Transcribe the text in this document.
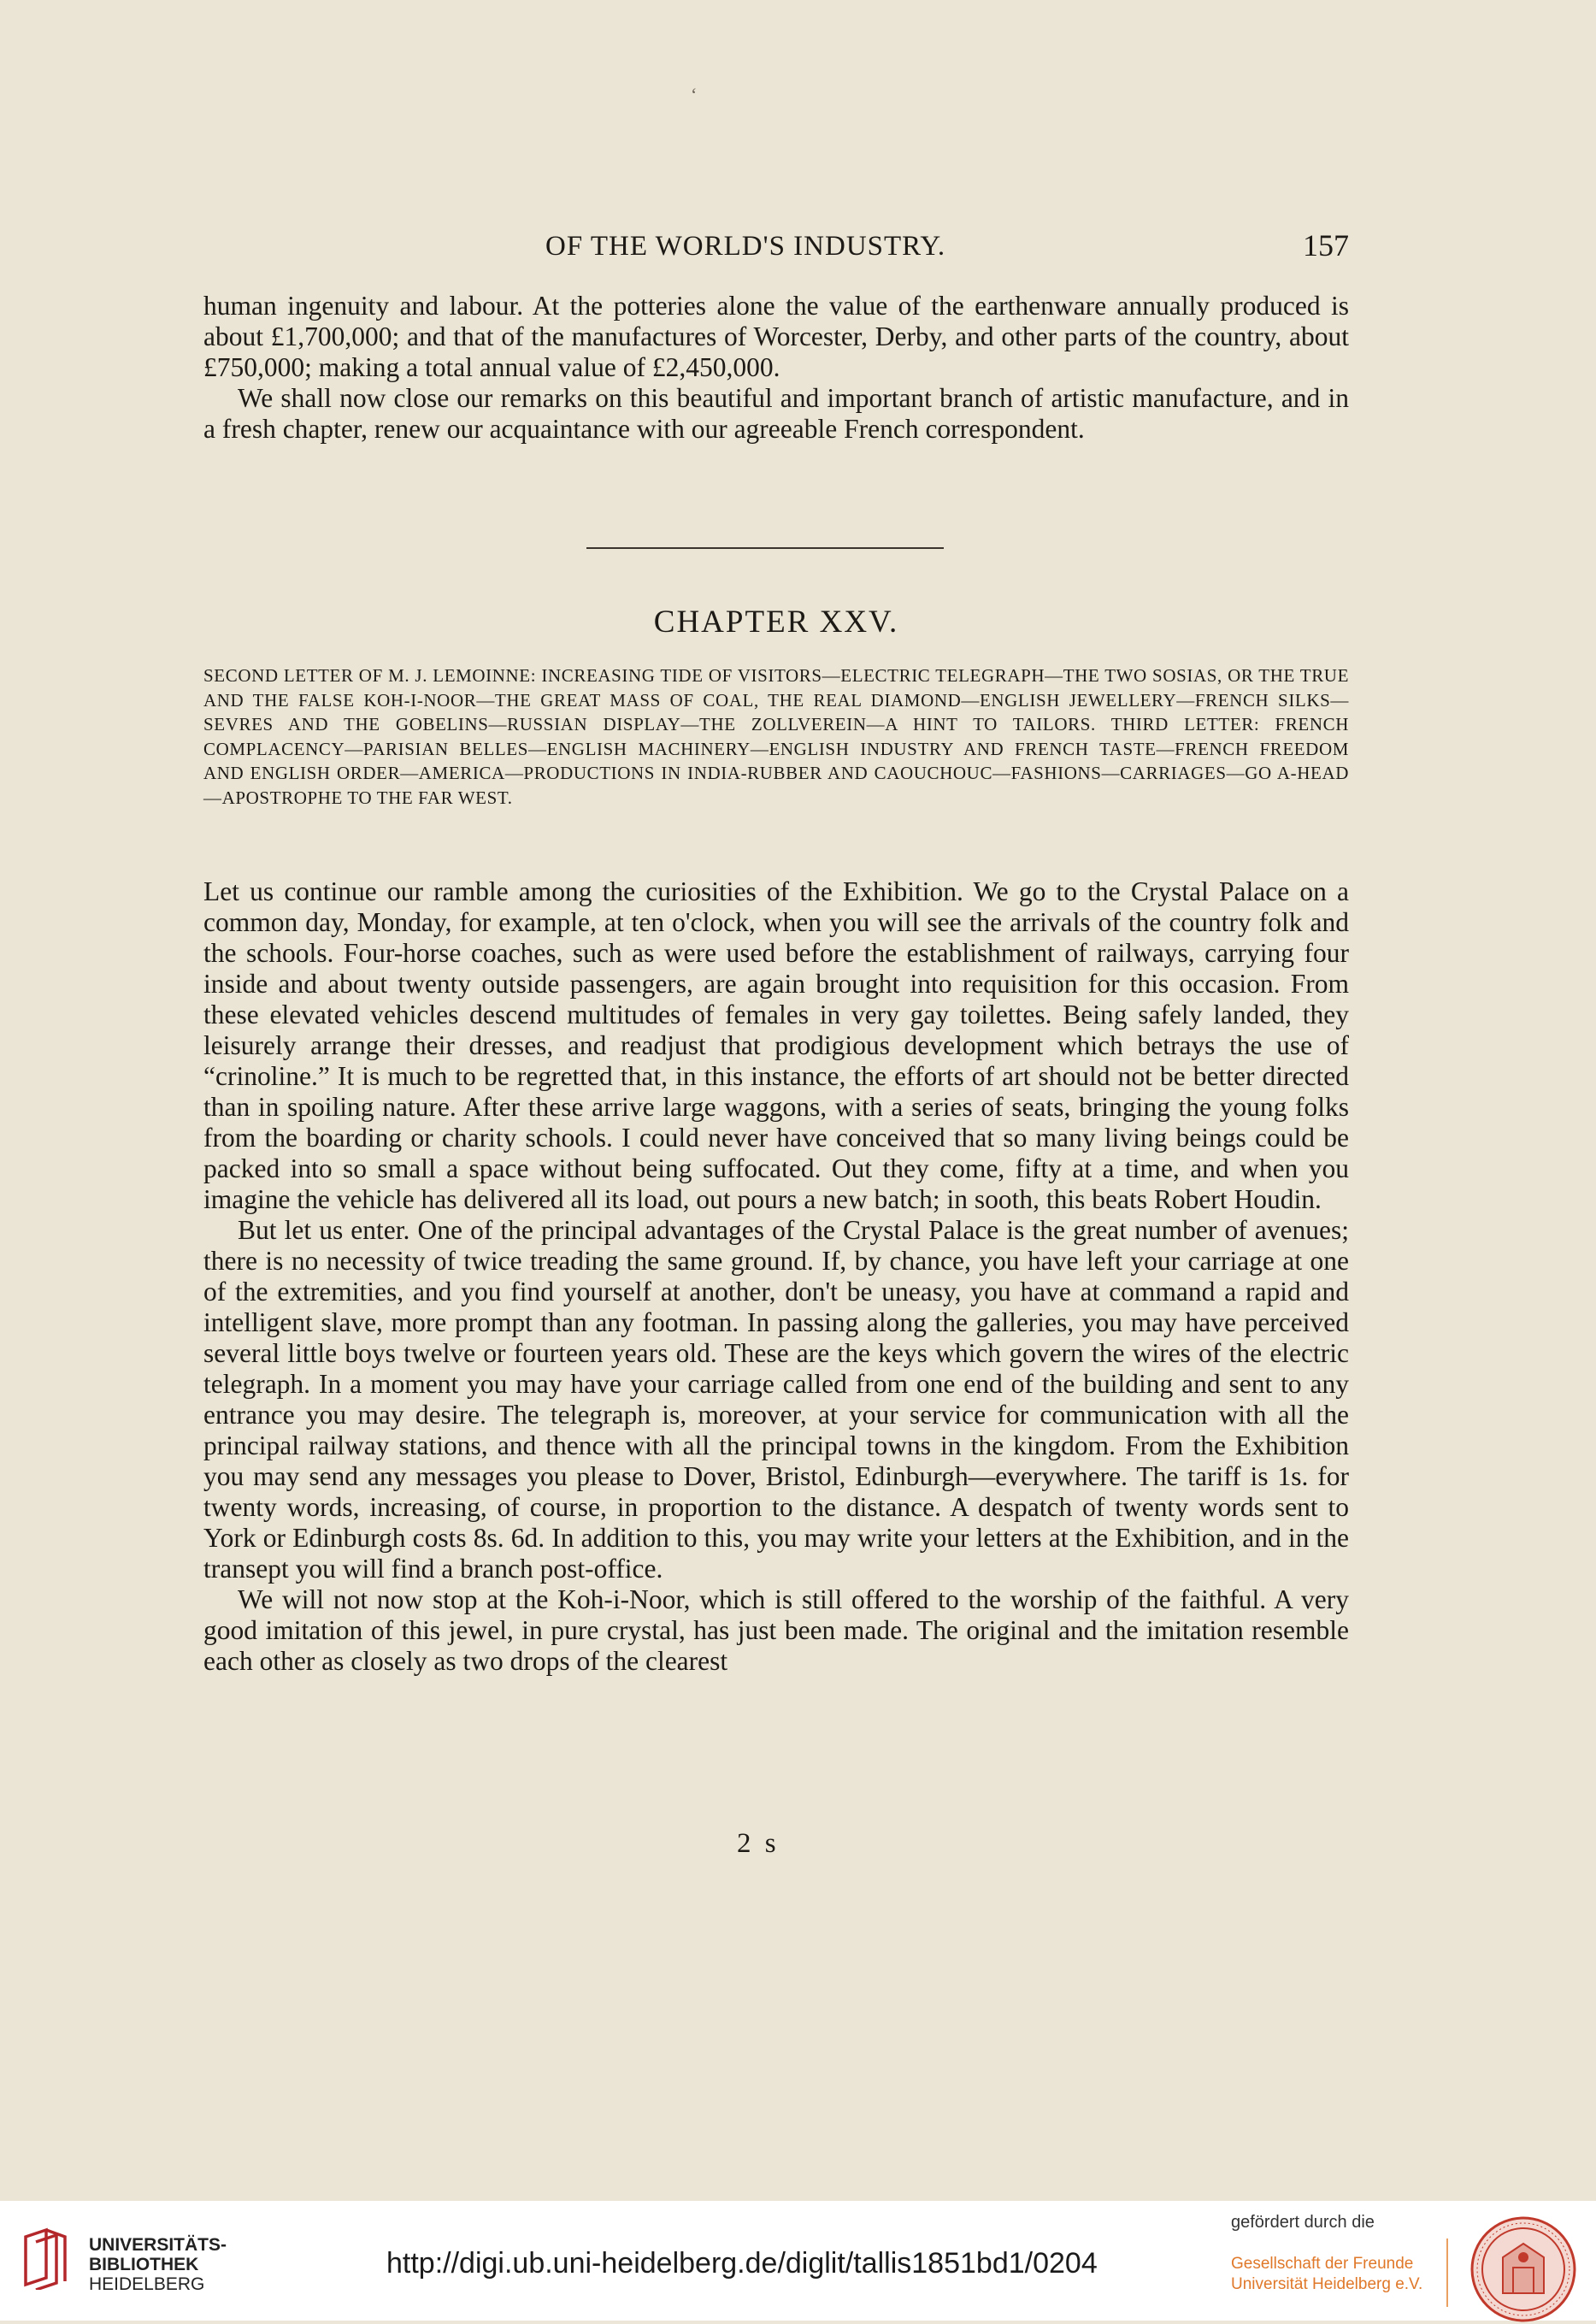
ʻ
OF THE WORLD'S INDUSTRY.	157

human ingenuity and labour. At the potteries alone the value of the earthenware annually produced is about £1,700,000; and that of the manufactures of Worcester, Derby, and other parts of the country, about £750,000; making a total annual value of £2,450,000.

We shall now close our remarks on this beautiful and important branch of artistic manufacture, and in a fresh chapter, renew our acquaintance with our agreeable French correspondent.

CHAPTER XXV.

SECOND LETTER OF M. J. LEMOINNE: INCREASING TIDE OF VISITORS—ELECTRIC TELEGRAPH—THE TWO SOSIAS, OR THE TRUE AND THE FALSE KOH-I-NOOR—THE GREAT MASS OF COAL, THE REAL DIAMOND—ENGLISH JEWELLERY—FRENCH SILKS—SEVRES AND THE GOBELINS—RUSSIAN DISPLAY—THE ZOLLVEREIN—A HINT TO TAILORS. THIRD LETTER: FRENCH COMPLACENCY—PARISIAN BELLES—ENGLISH MACHINERY—ENGLISH INDUSTRY AND FRENCH TASTE—FRENCH FREEDOM AND ENGLISH ORDER—AMERICA—PRODUCTIONS IN INDIA-RUBBER AND CAOUCHOUC—FASHIONS—CARRIAGES—GO A-HEAD—APOSTROPHE TO THE FAR WEST.

Let us continue our ramble among the curiosities of the Exhibition. We go to the Crystal Palace on a common day, Monday, for example, at ten o'clock, when you will see the arrivals of the country folk and the schools. Four-horse coaches, such as were used before the establishment of railways, carrying four inside and about twenty outside passengers, are again brought into requisition for this occasion. From these elevated vehicles descend multitudes of females in very gay toilettes. Being safely landed, they leisurely arrange their dresses, and readjust that prodigious development which betrays the use of “crinoline.” It is much to be regretted that, in this instance, the efforts of art should not be better directed than in spoiling nature. After these arrive large waggons, with a series of seats, bringing the young folks from the boarding or charity schools. I could never have conceived that so many living beings could be packed into so small a space without being suffocated. Out they come, fifty at a time, and when you imagine the vehicle has delivered all its load, out pours a new batch; in sooth, this beats Robert Houdin.

But let us enter. One of the principal advantages of the Crystal Palace is the great number of avenues; there is no necessity of twice treading the same ground. If, by chance, you have left your carriage at one of the extremities, and you find yourself at another, don't be uneasy, you have at command a rapid and intelligent slave, more prompt than any footman. In passing along the galleries, you may have perceived several little boys twelve or fourteen years old. These are the keys which govern the wires of the electric telegraph. In a moment you may have your carriage called from one end of the building and sent to any entrance you may desire. The telegraph is, moreover, at your service for communication with all the principal railway stations, and thence with all the principal towns in the kingdom. From the Exhibition you may send any messages you please to Dover, Bristol, Edinburgh—everywhere. The tariff is 1s. for twenty words, increasing, of course, in proportion to the distance. A despatch of twenty words sent to York or Edinburgh costs 8s. 6d. In addition to this, you may write your letters at the Exhibition, and in the transept you will find a branch post-office.

We will not now stop at the Koh-i-Noor, which is still offered to the worship of the faithful. A very good imitation of this jewel, in pure crystal, has just been made. The original and the imitation resemble each other as closely as two drops of the clearest

2 s
UNIVERSITÄTS-
BIBLIOTHEK
HEIDELBERG
http://digi.ub.uni-heidelberg.de/diglit/tallis1851bd1/0204
gefördert durch die
Gesellschaft der Freunde
Universität Heidelberg e.V.
